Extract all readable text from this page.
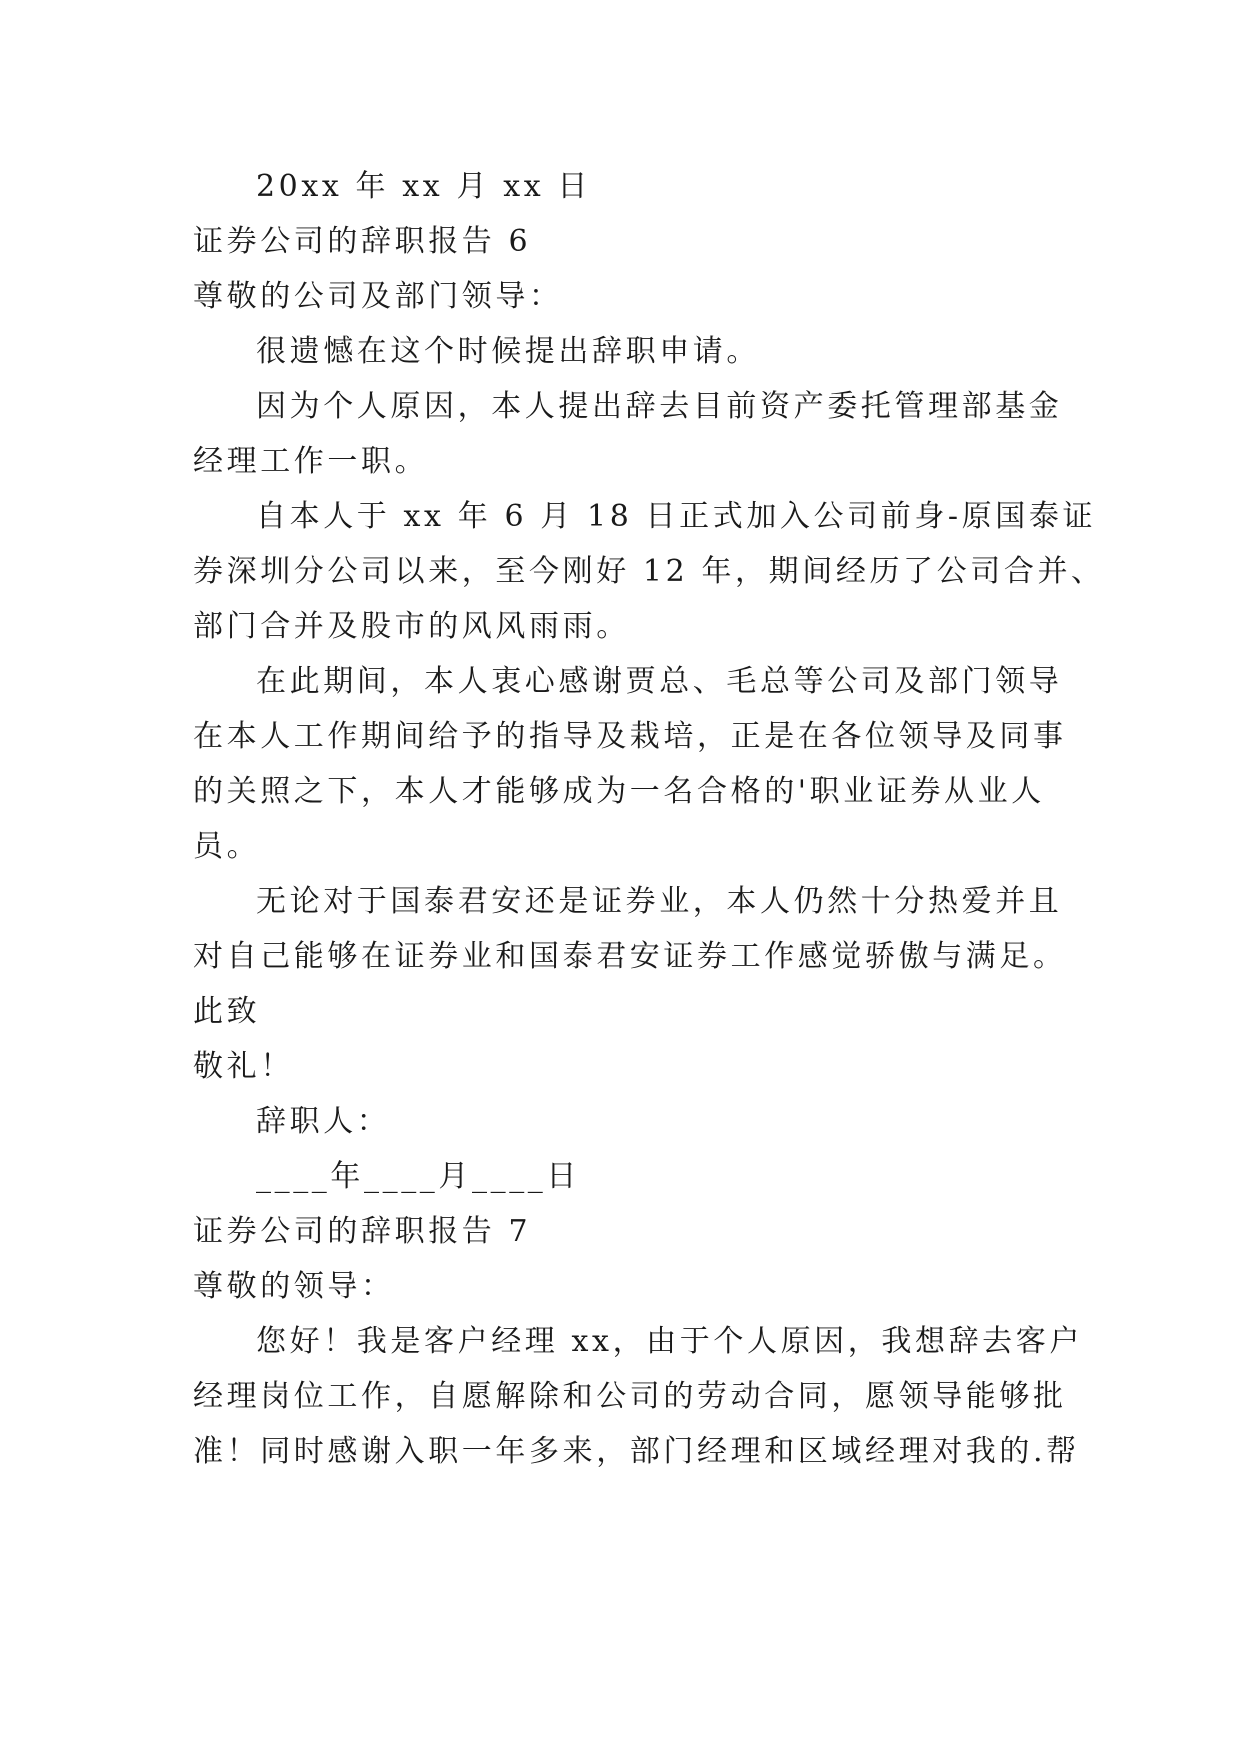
20xx 年 xx 月 xx 日
证券公司的辞职报告 6
尊敬的公司及部门领导：
很遗憾在这个时候提出辞职申请。
因为个人原因，本人提出辞去目前资产委托管理部基金
经理工作一职。
自本人于 xx 年 6 月 18 日正式加入公司前身-原国泰证
券深圳分公司以来，至今刚好 12 年，期间经历了公司合并、
部门合并及股市的风风雨雨。
在此期间，本人衷心感谢贾总、毛总等公司及部门领导
在本人工作期间给予的指导及栽培，正是在各位领导及同事
的关照之下，本人才能够成为一名合格的'职业证券从业人
员。
无论对于国泰君安还是证券业，本人仍然十分热爱并且
对自己能够在证券业和国泰君安证券工作感觉骄傲与满足。
此致
敬礼！
辞职人：
____年____月____日
证券公司的辞职报告 7
尊敬的领导：
您好！我是客户经理 xx，由于个人原因，我想辞去客户
经理岗位工作，自愿解除和公司的劳动合同，愿领导能够批
准！同时感谢入职一年多来，部门经理和区域经理对我的.帮
